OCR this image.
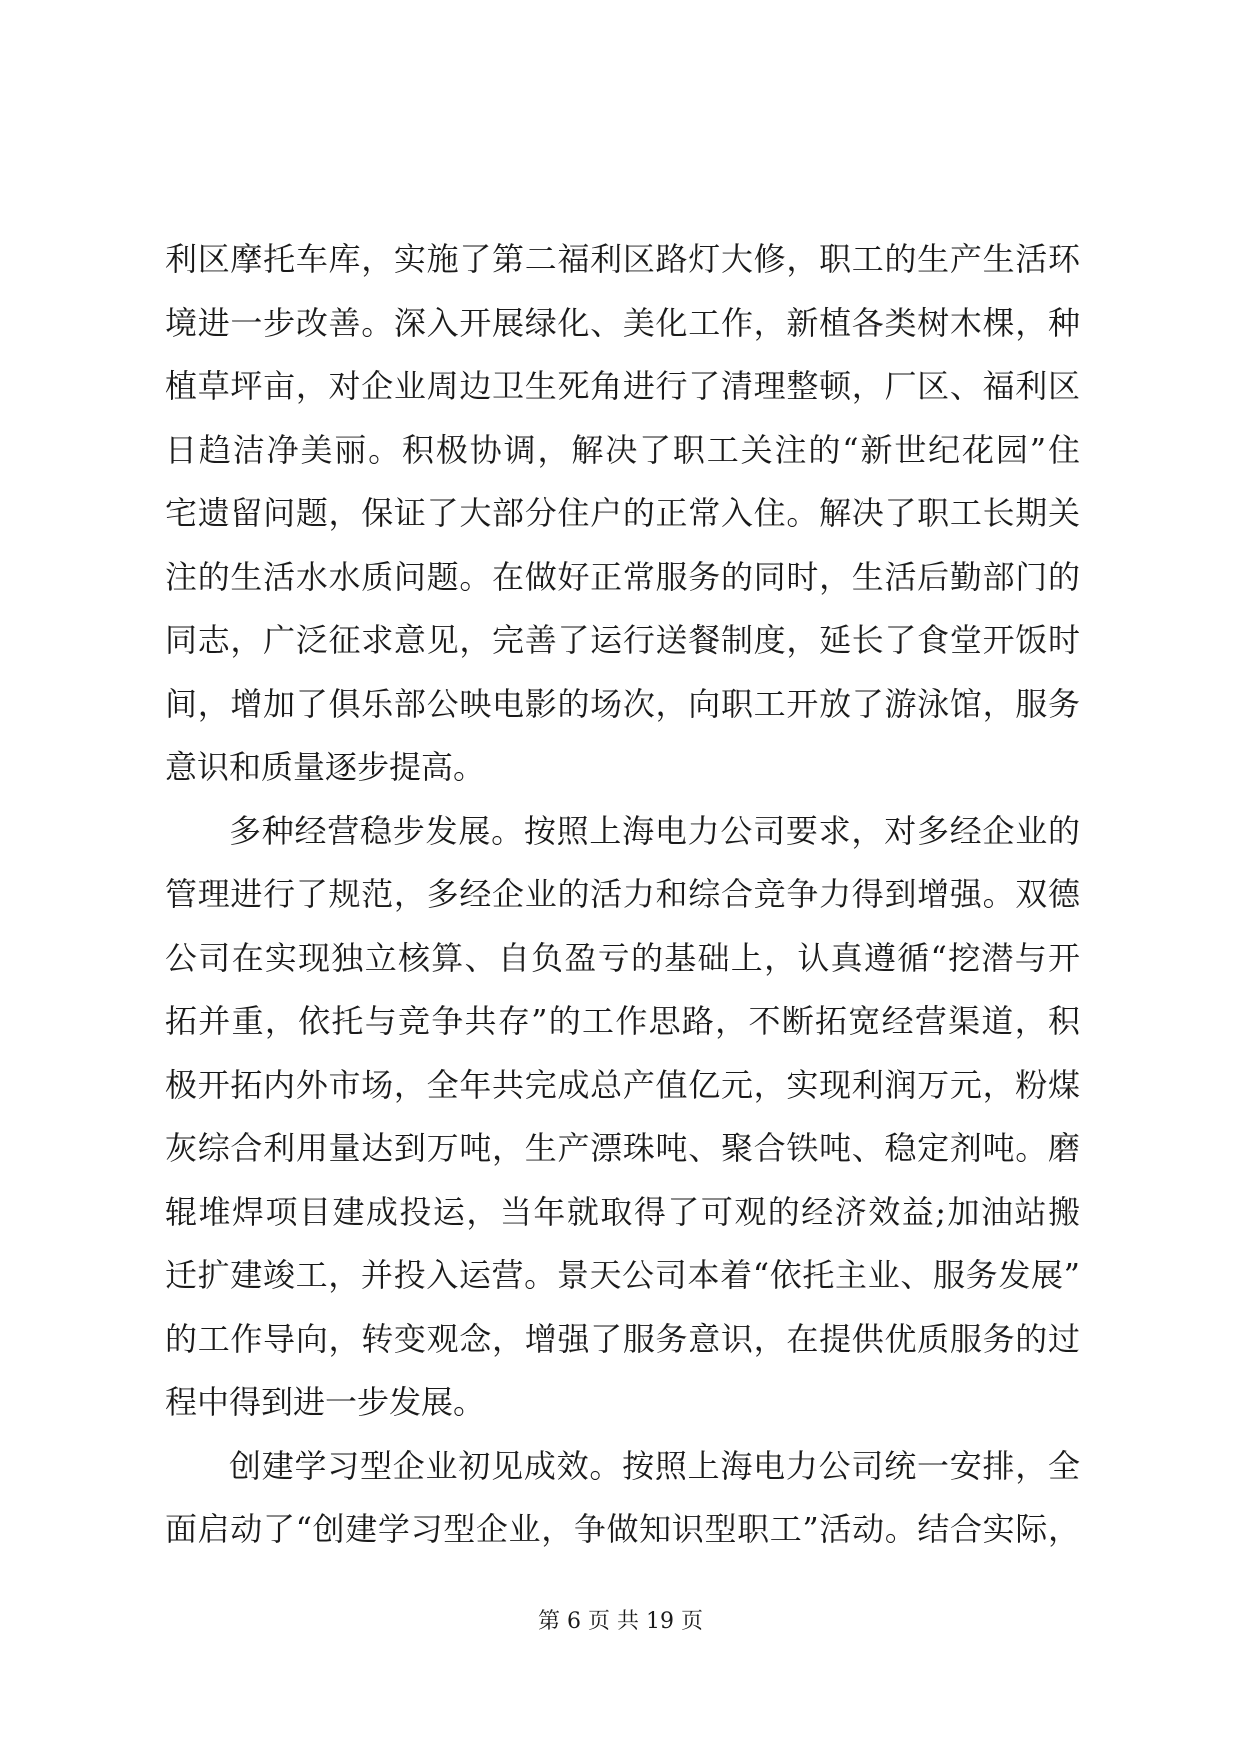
利区摩托车库，实施了第二福利区路灯大修，职工的生产生活环
境进一步改善。深入开展绿化、美化工作，新植各类树木棵，种
植草坪亩，对企业周边卫生死角进行了清理整顿，厂区、福利区
日趋洁净美丽。积极协调，解决了职工关注的“新世纪花园”住
宅遗留问题，保证了大部分住户的正常入住。解决了职工长期关
注的生活水水质问题。在做好正常服务的同时，生活后勤部门的
同志，广泛征求意见，完善了运行送餐制度，延长了食堂开饭时
间，增加了俱乐部公映电影的场次，向职工开放了游泳馆，服务
意识和质量逐步提高。
多种经营稳步发展。按照上海电力公司要求，对多经企业的
管理进行了规范，多经企业的活力和综合竞争力得到增强。双德
公司在实现独立核算、自负盈亏的基础上，认真遵循“挖潜与开
拓并重，依托与竞争共存”的工作思路，不断拓宽经营渠道，积
极开拓内外市场，全年共完成总产值亿元，实现利润万元，粉煤
灰综合利用量达到万吨，生产漂珠吨、聚合铁吨、稳定剂吨。磨
辊堆焊项目建成投运，当年就取得了可观的经济效益;加油站搬
迁扩建竣工，并投入运营。景天公司本着“依托主业、服务发展”
的工作导向，转变观念，增强了服务意识，在提供优质服务的过
程中得到进一步发展。
创建学习型企业初见成效。按照上海电力公司统一安排，全
面启动了“创建学习型企业，争做知识型职工”活动。结合实际，
第 6 页 共 19 页
